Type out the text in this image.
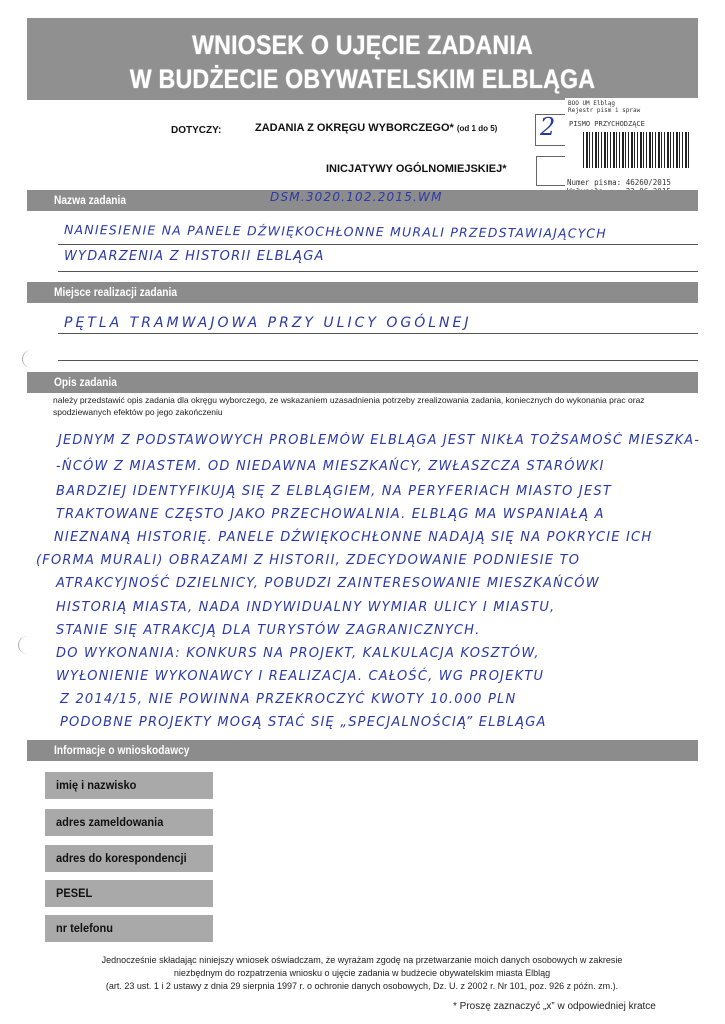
WNIOSEK O UJĘCIE ZADANIA
W BUDŻECIE OBYWATELSKIM ELBLĄGA
DOTYCZY:	ZADANIA Z OKRĘGU WYBORCZEGO* (od 1 do 5) 2
INICJATYWY OGÓLNOMIEJSKIEJ*
BOO UM Elbląg
Rejestr pism i spraw
PISMO PRZYCHODZĄCE
Numer pisma: 46260/2015

Nazwa zadania	DSM.3020.102.2015.WM
NANIESIENIE NA PANELE DŹWIĘKOCHŁONNE MURALI PRZEDSTAWIAJĄCYCH
WYDARZENIA Z HISTORII ELBLĄGA
Miejsce realizacji zadania
PĘTLA TRAMWAJOWA PRZY ULICY OGÓLNEJ
Opis zadania
należy przedstawić opis zadania dla okręgu wyborczego, ze wskazaniem uzasadnienia potrzeby zrealizowania zadania, koniecznych do wykonania prac oraz spodziewanych efektów po jego zakończeniu
JEDNYM Z PODSTAWOWYCH PROBLEMÓW ELBLĄGA JEST NIKŁA TOŻSAMOŚĆ MIESZKA-
-ŃCÓW Z MIASTEM. OD NIEDAWNA MIESZKAŃCY, ZWŁASZCZA STARÓWKI
BARDZIEJ IDENTYFIKUJĄ SIĘ Z ELBLĄGIEM, NA PERYFERIACH MIASTO JEST
TRAKTOWANE CZĘSTO JAKO PRZECHOWALNIA. ELBLĄG MA WSPANIAŁĄ A
NIEZNANĄ HISTORIĘ. PANELE DŹWIĘKOCHŁONNE NADAJĄ SIĘ NA POKRYCIE ICH
(FORMA MURALI) OBRAZAMI Z HISTORII, ZDECYDOWANIE PODNIESIE TO
ATRAKCYJNOŚĆ DZIELNICY, POBUDZI ZAINTERESOWANIE MIESZKAŃCÓW
HISTORIĄ MIASTA, NADA INDYWIDUALNY WYMIAR ULICY I MIASTU,
STANIE SIĘ ATRAKCJĄ DLA TURYSTÓW ZAGRANICZNYCH.
DO WYKONANIA: KONKURS NA PROJEKT, KALKULACJA KOSZTÓW,
WYŁONIENIE WYKONAWCY I REALIZACJA. CAŁOŚĆ, WG PROJEKTU
Z 2014/15, NIE POWINNA PRZEKROCZYĆ KWOTY 10.000 PLN
PODOBNE PROJEKTY MOGĄ STAĆ SIĘ „SPECJALNOŚCIĄ” ELBLĄGA
Informacje o wnioskodawcy
imię i nazwisko
adres zameldowania
adres do korespondencji
PESEL
nr telefonu
Jednocześnie składając niniejszy wniosek oświadczam, że wyrażam zgodę na przetwarzanie moich danych osobowych w zakresie
niezbędnym do rozpatrzenia wniosku o ujęcie zadania w budżecie obywatelskim miasta Elbląg
(art. 23 ust. 1 i 2 ustawy z dnia 29 sierpnia 1997 r. o ochronie danych osobowych, Dz. U. z 2002 r. Nr 101, poz. 926 z późn. zm.).
* Proszę zaznaczyć „x” w odpowiedniej kratce
